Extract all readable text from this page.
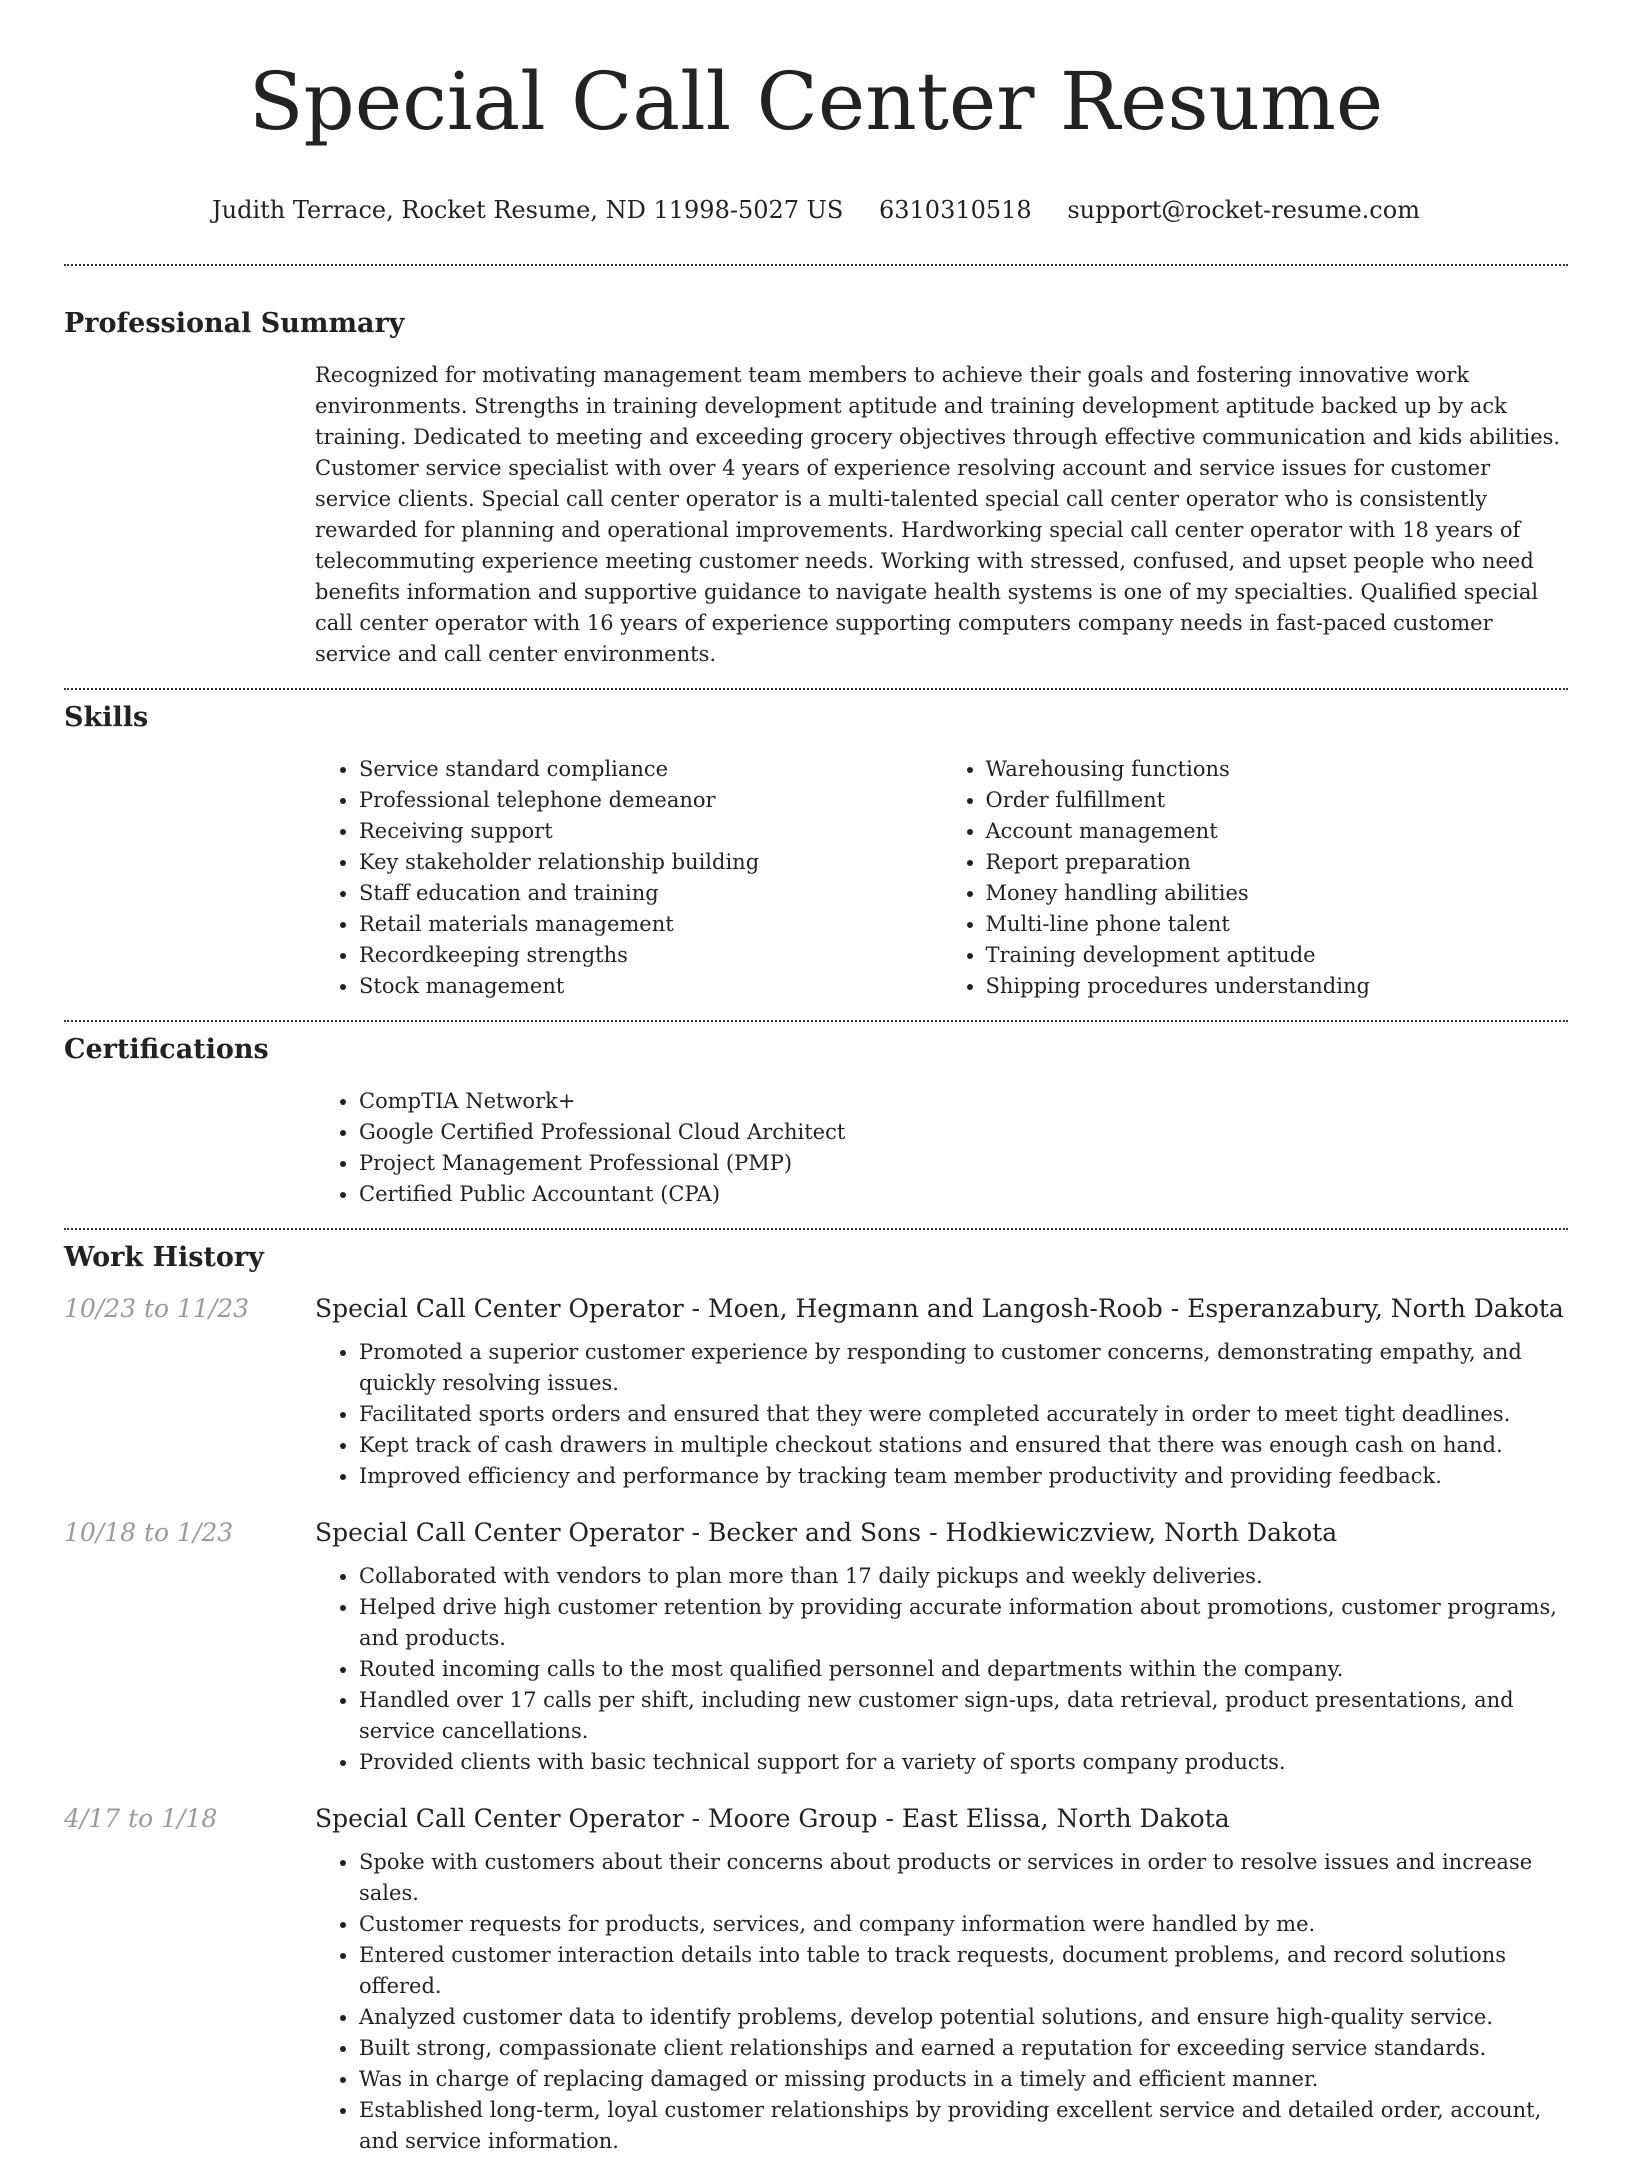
Special Call Center Resume
Judith Terrace, Rocket Resume, ND 11998-5027 US 6310310518 support@rocket-resume.com
Professional Summary

Recognized for motivating management team members to achieve their goals and fostering innovative work environments. Strengths in training development aptitude and training development aptitude backed up by ack training. Dedicated to meeting and exceeding grocery objectives through effective communication and kids abilities. Customer service specialist with over 4 years of experience resolving account and service issues for customer service clients. Special call center operator is a multi-talented special call center operator who is consistently rewarded for planning and operational improvements. Hardworking special call center operator with 18 years of telecommuting experience meeting customer needs. Working with stressed, confused, and upset people who need benefits information and supportive guidance to navigate health systems is one of my specialties. Qualified special call center operator with 16 years of experience supporting computers company needs in fast-paced customer service and call center environments.

Skills
• Service standard compliance
• Professional telephone demeanor
• Receiving support
• Key stakeholder relationship building
• Staff education and training
• Retail materials management
• Recordkeeping strengths
• Stock management
• Warehousing functions
• Order fulfillment
• Account management
• Report preparation
• Money handling abilities
• Multi-line phone talent
• Training development aptitude
• Shipping procedures understanding
Certifications
• CompTIA Network+
• Google Certified Professional Cloud Architect
• Project Management Professional (PMP)
• Certified Public Accountant (CPA)
Work History
10/23 to 11/23	Special Call Center Operator - Moen, Hegmann and Langosh-Roob - Esperanzabury, North Dakota
• Promoted a superior customer experience by responding to customer concerns, demonstrating empathy, and quickly resolving issues.
• Facilitated sports orders and ensured that they were completed accurately in order to meet tight deadlines.
• Kept track of cash drawers in multiple checkout stations and ensured that there was enough cash on hand.
• Improved efficiency and performance by tracking team member productivity and providing feedback.
10/18 to 1/23	Special Call Center Operator - Becker and Sons - Hodkiewiczview, North Dakota
• Collaborated with vendors to plan more than 17 daily pickups and weekly deliveries.
• Helped drive high customer retention by providing accurate information about promotions, customer programs, and products.
• Routed incoming calls to the most qualified personnel and departments within the company.
• Handled over 17 calls per shift, including new customer sign-ups, data retrieval, product presentations, and service cancellations.
• Provided clients with basic technical support for a variety of sports company products.
4/17 to 1/18	Special Call Center Operator - Moore Group - East Elissa, North Dakota
• Spoke with customers about their concerns about products or services in order to resolve issues and increase sales.
• Customer requests for products, services, and company information were handled by me.
• Entered customer interaction details into table to track requests, document problems, and record solutions offered.
• Analyzed customer data to identify problems, develop potential solutions, and ensure high-quality service.
• Built strong, compassionate client relationships and earned a reputation for exceeding service standards.
• Was in charge of replacing damaged or missing products in a timely and efficient manner.
• Established long-term, loyal customer relationships by providing excellent service and detailed order, account, and service information.
